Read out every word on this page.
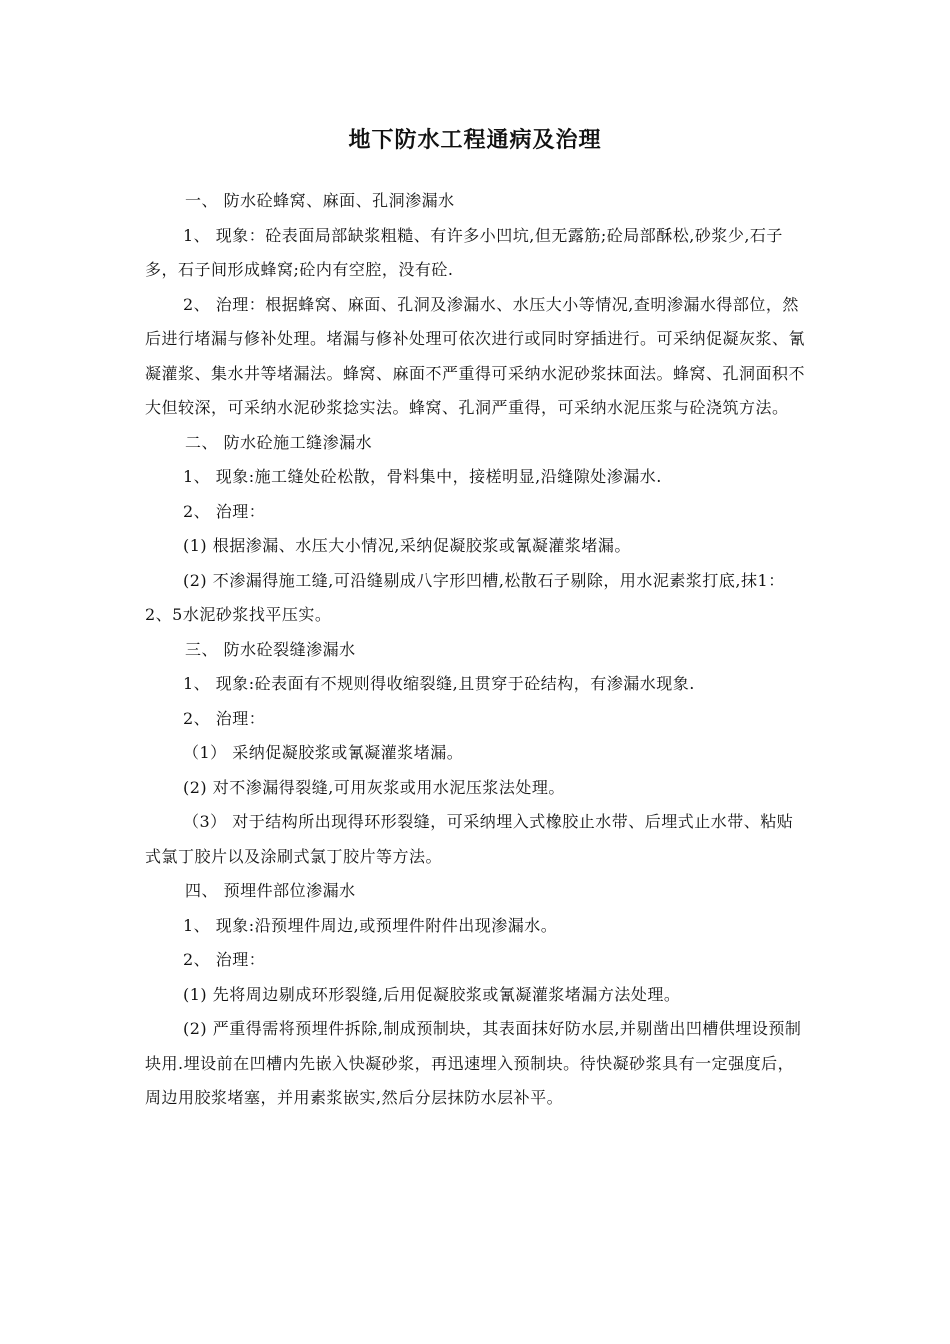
地下防水工程通病及治理

一、 防水砼蜂窝、麻面、孔洞渗漏水

1、 现象：砼表面局部缺浆粗糙、有许多小凹坑,但无露筋;砼局部酥松,砂浆少,石子多，石子间形成蜂窝;砼内有空腔，没有砼.

2、 治理：根据蜂窝、麻面、孔洞及渗漏水、水压大小等情况,查明渗漏水得部位，然后进行堵漏与修补处理。堵漏与修补处理可依次进行或同时穿插进行。可采纳促凝灰浆、氰凝灌浆、集水井等堵漏法。蜂窝、麻面不严重得可采纳水泥砂浆抹面法。蜂窝、孔洞面积不大但较深，可采纳水泥砂浆捻实法。蜂窝、孔洞严重得，可采纳水泥压浆与砼浇筑方法。

二、 防水砼施工缝渗漏水

1、 现象:施工缝处砼松散，骨料集中，接槎明显,沿缝隙处渗漏水.

2、 治理：

(1) 根据渗漏、水压大小情况,采纳促凝胶浆或氰凝灌浆堵漏。

(2) 不渗漏得施工缝,可沿缝剔成八字形凹槽,松散石子剔除，用水泥素浆打底,抹1：2、5水泥砂浆找平压实。

三、 防水砼裂缝渗漏水

1、 现象:砼表面有不规则得收缩裂缝,且贯穿于砼结构，有渗漏水现象.

2、 治理：

（1） 采纳促凝胶浆或氰凝灌浆堵漏。

(2) 对不渗漏得裂缝,可用灰浆或用水泥压浆法处理。

（3） 对于结构所出现得环形裂缝，可采纳埋入式橡胶止水带、后埋式止水带、粘贴式氯丁胶片以及涂刷式氯丁胶片等方法。

四、 预埋件部位渗漏水

1、 现象:沿预埋件周边,或预埋件附件出现渗漏水。

2、 治理：

(1) 先将周边剔成环形裂缝,后用促凝胶浆或氰凝灌浆堵漏方法处理。

(2) 严重得需将预埋件拆除,制成预制块，其表面抹好防水层,并剔凿出凹槽供埋设预制块用.埋设前在凹槽内先嵌入快凝砂浆，再迅速埋入预制块。待快凝砂浆具有一定强度后，周边用胶浆堵塞，并用素浆嵌实,然后分层抹防水层补平。
